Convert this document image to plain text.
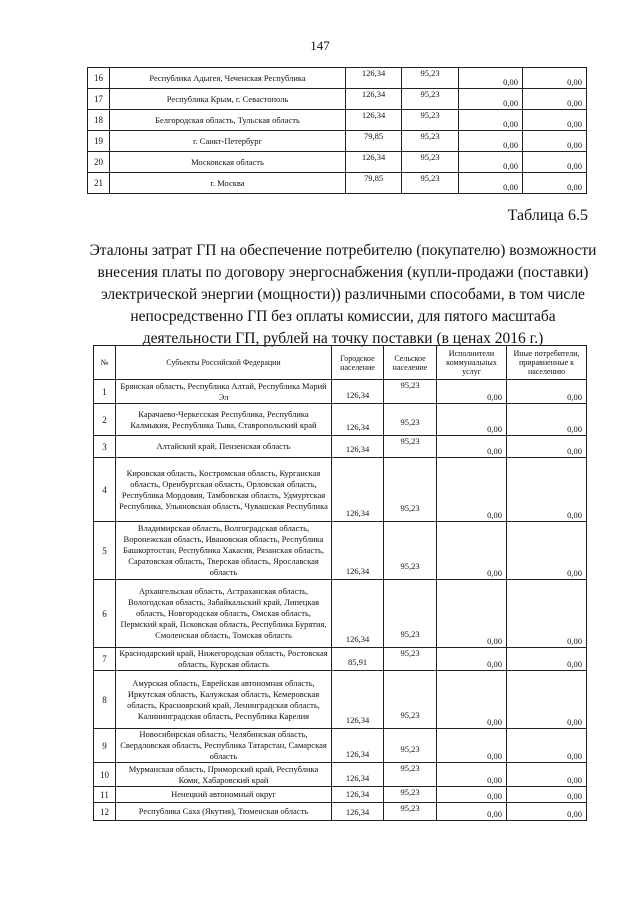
147
16	Республика Адыгея, Чеченская Республика	126,34	95,23	0,00	0,00
17	Республика Крым, г. Севастополь	126,34	95,23	0,00	0,00
18	Белгородская область, Тульская область	126,34	95,23	0,00	0,00
19	г. Санкт-Петербург	79,85	95,23	0,00	0,00
20	Московская область	126,34	95,23	0,00	0,00
21	г. Москва	79,85	95,23	0,00	0,00
Таблица 6.5
Эталоны затрат ГП на обеспечение потребителю (покупателю) возможности внесения платы по договору энергоснабжения (купли-продажи (поставки) электрической энергии (мощности)) различными способами, в том числе непосредственно ГП без оплаты комиссии, для пятого масштаба деятельности ГП, рублей на точку поставки (в ценах 2016 г.)
№	Субъекты Российской Федерации	Городское население	Сельское население	Исполнители коммунальных услуг	Иные потребители, приравненные к населению
1	Брянская область, Республика Алтай, Республика Марий Эл	126,34	95,23	0,00	0,00
2	Карачаево-Черкесская Республика, Республика Калмыкия, Республика Тыва, Ставропольский край	126,34	95,23	0,00	0,00
3	Алтайский край, Пензенская область	126,34	95,23	0,00	0,00
4	Кировская область, Костромская область, Курганская область, Оренбургская область, Орловская область, Республика Мордовия, Тамбовская область, Удмуртская Республика, Ульяновская область, Чувашская Республика	126,34	95,23	0,00	0,00
5	Владимирская область, Волгоградская область, Воронежская область, Ивановская область, Республика Башкортостан, Республика Хакасия, Рязанская область, Саратовская область, Тверская область, Ярославская область	126,34	95,23	0,00	0,00
6	Архангельская область, Астраханская область, Вологодская область, Забайкальский край, Липецкая область, Новгородская область, Омская область, Пермский край, Псковская область, Республика Бурятия, Смоленская область, Томская область	126,34	95,23	0,00	0,00
7	Краснодарский край, Нижегородская область, Ростовская область, Курская область	85,91	95,23	0,00	0,00
8	Амурская область, Еврейская автономная область, Иркутская область, Калужская область, Кемеровская область, Красноярский край, Ленинградская область, Калининградская область, Республика Карелия	126,34	95,23	0,00	0,00
9	Новосибирская область, Челябинская область, Свердловская область, Республика Татарстан, Самарская область	126,34	95,23	0,00	0,00
10	Мурманская область, Приморский край, Республика Коми, Хабаровский край	126,34	95,23	0,00	0,00
11	Ненецкий автономный округ	126,34	95,23	0,00	0,00
12	Республика Саха (Якутия), Тюменская область	126,34	95,23	0,00	0,00
